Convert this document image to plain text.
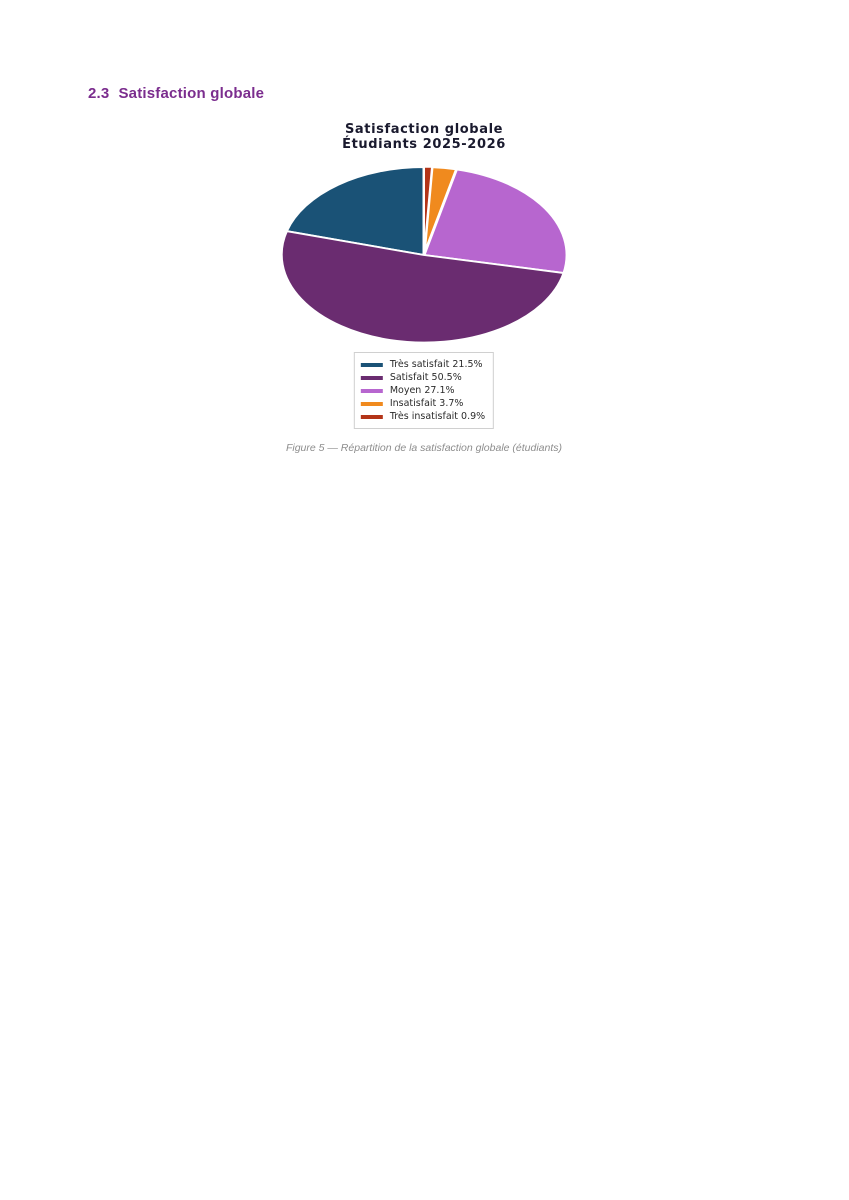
2.3 Satisfaction globale
Satisfaction globale
Étudiants 2025-2026
Très satisfait 21.5%
Satisfait 50.5%
Moyen 27.1%
Insatisfait 3.7%
Très insatisfait 0.9%
Figure 5 — Répartition de la satisfaction globale (étudiants)
